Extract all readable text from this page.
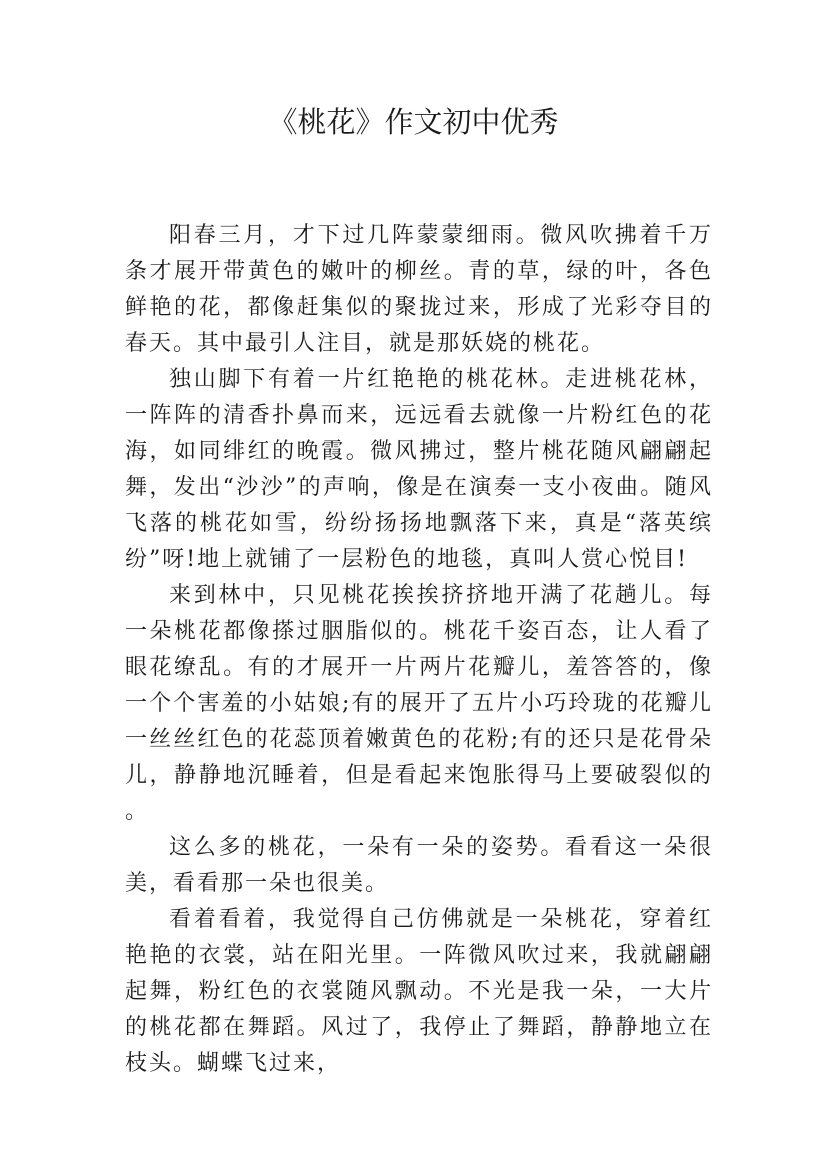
《桃花》作文初中优秀

阳春三月，才下过几阵蒙蒙细雨。微风吹拂着千万条才展开带黄色的嫩叶的柳丝。青的草，绿的叶，各色鲜艳的花，都像赶集似的聚拢过来，形成了光彩夺目的春天。其中最引人注目，就是那妖娆的桃花。

独山脚下有着一片红艳艳的桃花林。走进桃花林，一阵阵的清香扑鼻而来，远远看去就像一片粉红色的花海，如同绯红的晚霞。微风拂过，整片桃花随风翩翩起舞，发出“沙沙”的声响，像是在演奏一支小夜曲。随风飞落的桃花如雪，纷纷扬扬地飘落下来，真是“落英缤纷”呀!地上就铺了一层粉色的地毯，真叫人赏心悦目!

来到林中，只见桃花挨挨挤挤地开满了花趟儿。每一朵桃花都像搽过胭脂似的。桃花千姿百态，让人看了眼花缭乱。有的才展开一片两片花瓣儿，羞答答的，像一个个害羞的小姑娘;有的展开了五片小巧玲珑的花瓣儿一丝丝红色的花蕊顶着嫩黄色的花粉;有的还只是花骨朵儿，静静地沉睡着，但是看起来饱胀得马上要破裂似的。

这么多的桃花，一朵有一朵的姿势。看看这一朵很美，看看那一朵也很美。

看着看着，我觉得自己仿佛就是一朵桃花，穿着红艳艳的衣裳，站在阳光里。一阵微风吹过来，我就翩翩起舞，粉红色的衣裳随风飘动。不光是我一朵，一大片的桃花都在舞蹈。风过了，我停止了舞蹈，静静地立在枝头。蝴蝶飞过来，
